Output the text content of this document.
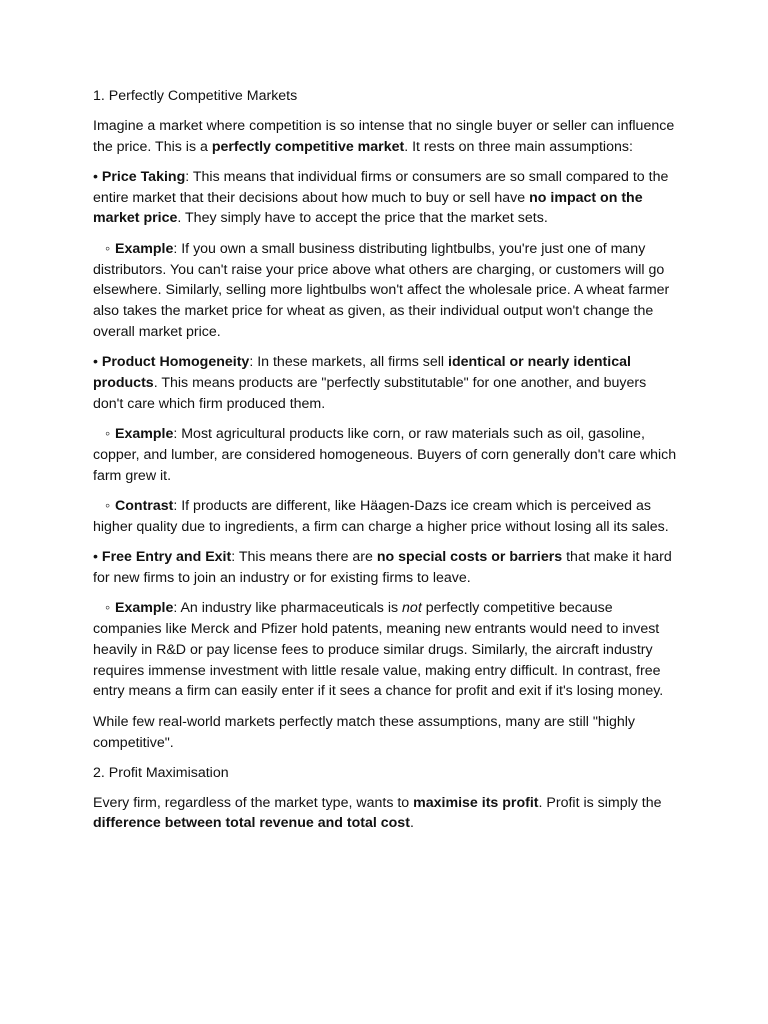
1. Perfectly Competitive Markets

Imagine a market where competition is so intense that no single buyer or seller can influence the price. This is a perfectly competitive market. It rests on three main assumptions:

• Price Taking: This means that individual firms or consumers are so small compared to the entire market that their decisions about how much to buy or sell have no impact on the market price. They simply have to accept the price that the market sets.

◦Example: If you own a small business distributing lightbulbs, you're just one of many distributors. You can't raise your price above what others are charging, or customers will go elsewhere. Similarly, selling more lightbulbs won't affect the wholesale price. A wheat farmer also takes the market price for wheat as given, as their individual output won't change the overall market price.

• Product Homogeneity: In these markets, all firms sell identical or nearly identical products. This means products are "perfectly substitutable" for one another, and buyers don't care which firm produced them.

◦Example: Most agricultural products like corn, or raw materials such as oil, gasoline, copper, and lumber, are considered homogeneous. Buyers of corn generally don't care which farm grew it.

◦Contrast: If products are different, like Häagen-Dazs ice cream which is perceived as higher quality due to ingredients, a firm can charge a higher price without losing all its sales.

• Free Entry and Exit: This means there are no special costs or barriers that make it hard for new firms to join an industry or for existing firms to leave.

◦Example: An industry like pharmaceuticals is not perfectly competitive because companies like Merck and Pfizer hold patents, meaning new entrants would need to invest heavily in R&D or pay license fees to produce similar drugs. Similarly, the aircraft industry requires immense investment with little resale value, making entry difficult. In contrast, free entry means a firm can easily enter if it sees a chance for profit and exit if it's losing money.

While few real-world markets perfectly match these assumptions, many are still "highly competitive".

2. Profit Maximisation

Every firm, regardless of the market type, wants to maximise its profit. Profit is simply the difference between total revenue and total cost.
